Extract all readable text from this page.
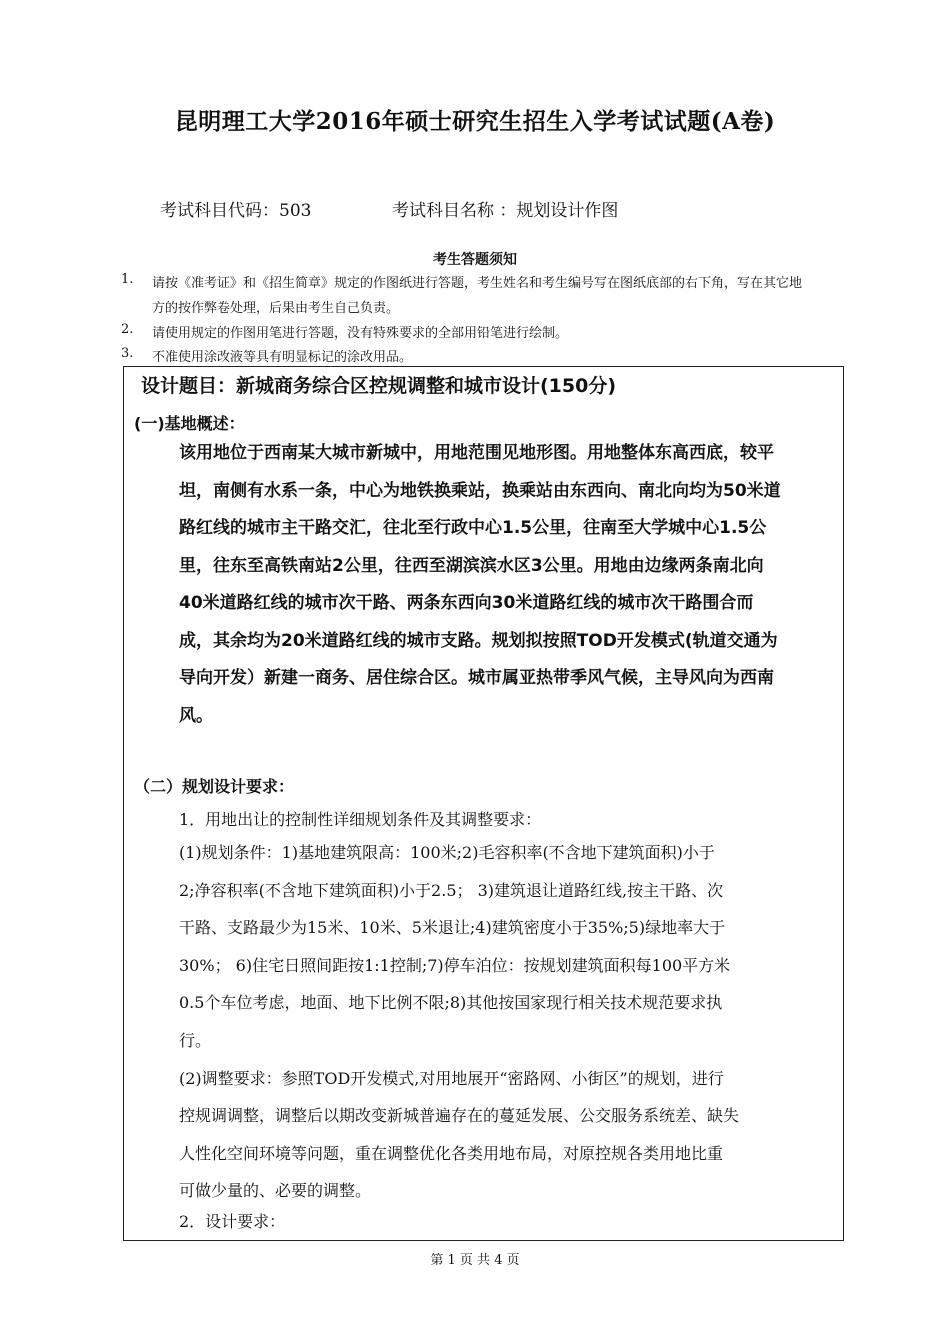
昆明理工大学2016年硕士研究生招生入学考试试题(A卷)
考试科目代码：503	考试科目名称 ：规划设计作图
考生答题须知
1. 请按《准考证》和《招生简章》规定的作图纸进行答题，考生姓名和考生编号写在图纸底部的右下角，写在其它地
方的按作弊卷处理，后果由考生自己负责。
2. 请使用规定的作图用笔进行答题，没有特殊要求的全部用铅笔进行绘制。
3. 不准使用涂改液等具有明显标记的涂改用品。
设计题目：新城商务综合区控规调整和城市设计(150分)
(一)基地概述：
该用地位于西南某大城市新城中，用地范围见地形图。用地整体东高西底，较平
坦，南侧有水系一条，中心为地铁换乘站，换乘站由东西向、南北向均为50米道
路红线的城市主干路交汇，往北至行政中心1.5公里，往南至大学城中心1.5公
里，往东至高铁南站2公里，往西至湖滨滨水区3公里。用地由边缘两条南北向
40米道路红线的城市次干路、两条东西向30米道路红线的城市次干路围合而
成，其余均为20米道路红线的城市支路。规划拟按照TOD开发模式(轨道交通为
导向开发）新建一商务、居住综合区。城市属亚热带季风气候，主导风向为西南
风。
（二）规划设计要求：
1．用地出让的控制性详细规划条件及其调整要求：
(1)规划条件：1)基地建筑限高：100米;2)毛容积率(不含地下建筑面积)小于
2;净容积率(不含地下建筑面积)小于2.5； 3)建筑退让道路红线,按主干路、次
干路、支路最少为15米、10米、5米退让;4)建筑密度小于35%;5)绿地率大于
30%； 6)住宅日照间距按1:1控制;7)停车泊位：按规划建筑面积每100平方米
0.5个车位考虑，地面、地下比例不限;8)其他按国家现行相关技术规范要求执
行。
(2)调整要求：参照TOD开发模式,对用地展开“密路网、小街区”的规划，进行
控规调调整，调整后以期改变新城普遍存在的蔓延发展、公交服务系统差、缺失
人性化空间环境等问题，重在调整优化各类用地布局，对原控规各类用地比重
可做少量的、必要的调整。
2．设计要求：
第 1 页 共 4 页
